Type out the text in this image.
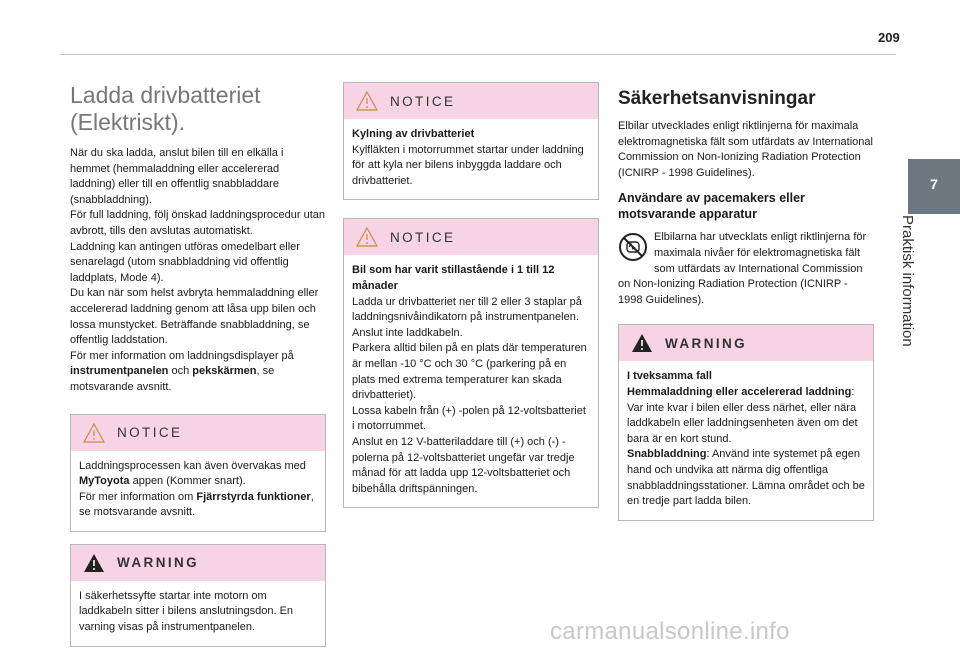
209
7
Praktisk information
Ladda drivbatteriet
(Elektriskt).
När du ska ladda, anslut bilen till en elkälla i hemmet (hemmaladdning eller accelererad laddning) eller till en offentlig snabbladdare (snabbladdning).
För full laddning, följ önskad laddningsprocedur utan avbrott, tills den avslutas automatiskt.
Laddning kan antingen utföras omedelbart eller senarelagd (utom snabbladdning vid offentlig laddplats, Mode 4).
Du kan när som helst avbryta hemmaladdning eller accelererad laddning genom att låsa upp bilen och lossa munstycket. Beträffande snabbladdning, se offentlig laddstation.
För mer information om laddningsdisplayer på instrumentpanelen och pekskärmen, se motsvarande avsnitt.
NOTICE
Laddningsprocessen kan även övervakas med MyToyota appen (Kommer snart).
För mer information om Fjärrstyrda funktioner, se motsvarande avsnitt.
WARNING
I säkerhetssyfte startar inte motorn om laddkabeln sitter i bilens anslutningsdon. En varning visas på instrumentpanelen.
NOTICE
Kylning av drivbatteriet
Kylfläkten i motorrummet startar under laddning för att kyla ner bilens inbyggda laddare och drivbatteriet.
NOTICE
Bil som har varit stillastående i 1 till 12 månader
Ladda ur drivbatteriet ner till 2 eller 3 staplar på laddningsnivåindikatorn på instrumentpanelen.
Anslut inte laddkabeln.
Parkera alltid bilen på en plats där temperaturen är mellan -10 °C och 30 °C (parkering på en plats med extrema temperaturer kan skada drivbatteriet).
Lossa kabeln från (+) -polen på 12-voltsbatteriet i motorrummet.
Anslut en 12 V-batteriladdare till (+) och (-) -polerna på 12-voltsbatteriet ungefär var tredje månad för att ladda upp 12-voltsbatteriet och bibehålla driftspänningen.
Säkerhetsanvisningar
Elbilar utvecklades enligt riktlinjerna för maximala elektromagnetiska fält som utfärdats av International Commission on Non-Ionizing Radiation Protection (ICNIRP - 1998 Guidelines).
Användare av pacemakers eller motsvarande apparatur
Elbilarna har utvecklats enligt riktlinjerna för maximala nivåer för elektromagnetiska fält som utfärdats av International Commission on Non-Ionizing Radiation Protection (ICNIRP - 1998 Guidelines).
WARNING
I tveksamma fall
Hemmaladdning eller accelererad laddning: Var inte kvar i bilen eller dess närhet, eller nära laddkabeln eller laddningsenheten även om det bara är en kort stund.
Snabbladdning: Använd inte systemet på egen hand och undvika att närma dig offentliga snabbladdningsstationer. Lämna området och be en tredje part ladda bilen.
carmanualsonline.info
